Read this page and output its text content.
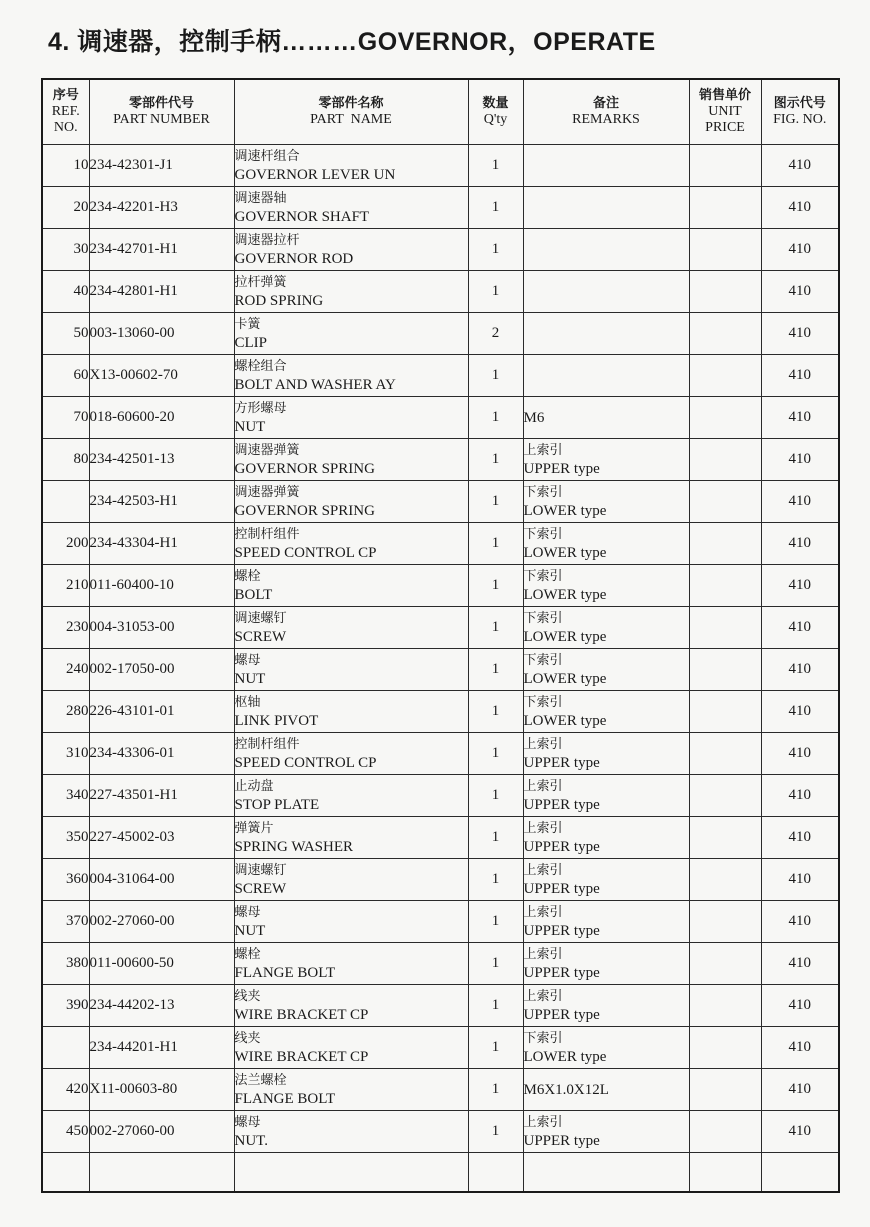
4. 调速器，控制手柄………GOVERNOR，OPERATE
序号
REF.
NO.	零部件代号
PART NUMBER	零部件名称
PART  NAME	数量
Q'ty	备注
REMARKS	销售单价
UNIT
PRICE	图示代号
FIG. NO.

10	234-42301-J1	调速杆组合
GOVERNOR LEVER UN	1			410
20	234-42201-H3	调速器轴
GOVERNOR SHAFT	1			410
30	234-42701-H1	调速器拉杆
GOVERNOR ROD	1			410
40	234-42801-H1	拉杆弹簧
ROD SPRING	1			410
50	003-13060-00	卡簧
CLIP	2			410
60	X13-00602-70	螺栓组合
BOLT AND WASHER AY	1			410
70	018-60600-20	方形螺母
NUT	1	M6		410
80	234-42501-13	调速器弹簧
GOVERNOR SPRING	1	上索引
UPPER type		410
	234-42503-H1	调速器弹簧
GOVERNOR SPRING	1	下索引
LOWER type		410
200	234-43304-H1	控制杆组件
SPEED CONTROL CP	1	下索引
LOWER type		410
210	011-60400-10	螺栓
BOLT	1	下索引
LOWER type		410
230	004-31053-00	调速螺钉
SCREW	1	下索引
LOWER type		410
240	002-17050-00	螺母
NUT	1	下索引
LOWER type		410
280	226-43101-01	枢轴
LINK PIVOT	1	下索引
LOWER type		410
310	234-43306-01	控制杆组件
SPEED CONTROL CP	1	上索引
UPPER type		410
340	227-43501-H1	止动盘
STOP PLATE	1	上索引
UPPER type		410
350	227-45002-03	弹簧片
SPRING WASHER	1	上索引
UPPER type		410
360	004-31064-00	调速螺钉
SCREW	1	上索引
UPPER type		410
370	002-27060-00	螺母
NUT	1	上索引
UPPER type		410
380	011-00600-50	螺栓
FLANGE BOLT	1	上索引
UPPER type		410
390	234-44202-13	线夹
WIRE BRACKET CP	1	上索引
UPPER type		410
	234-44201-H1	线夹
WIRE BRACKET CP	1	下索引
LOWER type		410
420	X11-00603-80	法兰螺栓
FLANGE BOLT	1	M6X1.0X12L		410
450	002-27060-00	螺母
NUT.	1	上索引
UPPER type		410
